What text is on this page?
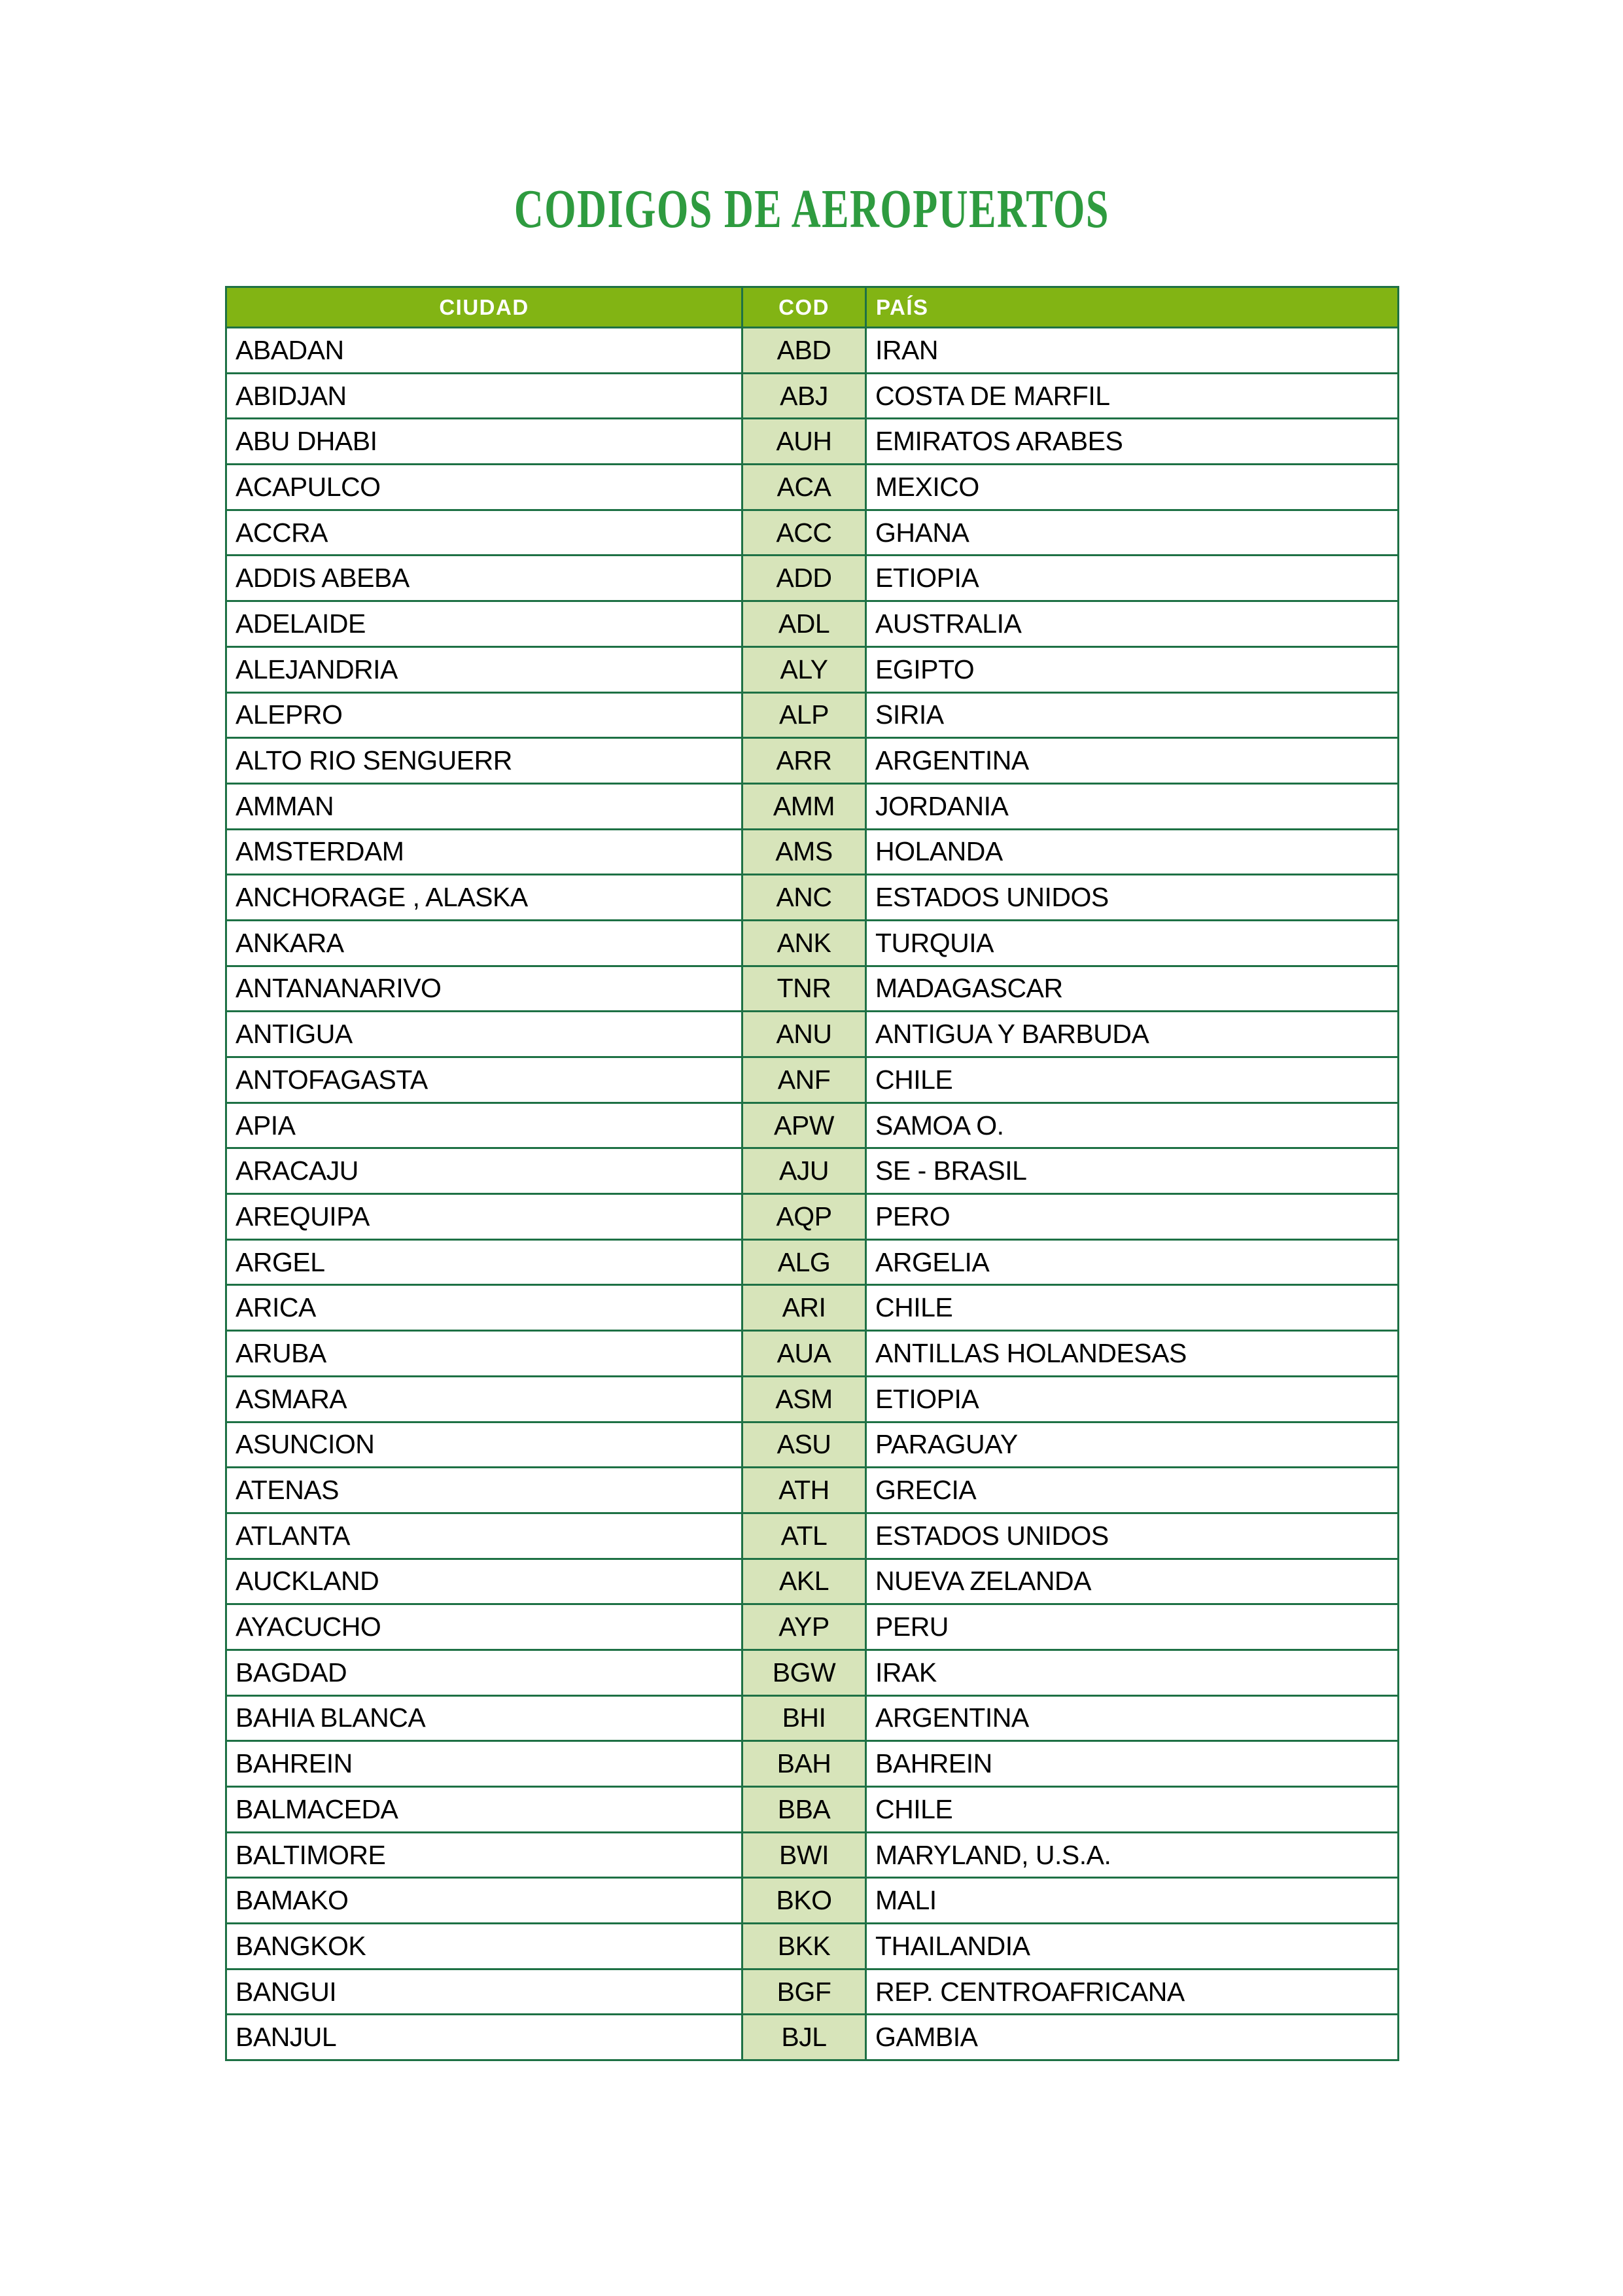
CODIGOS DE AEROPUERTOS
CIUDAD	COD	PAÍS
ABADAN	ABD	IRAN
ABIDJAN	ABJ	COSTA DE MARFIL
ABU DHABI	AUH	EMIRATOS ARABES
ACAPULCO	ACA	MEXICO
ACCRA	ACC	GHANA
ADDIS ABEBA	ADD	ETIOPIA
ADELAIDE	ADL	AUSTRALIA
ALEJANDRIA	ALY	EGIPTO
ALEPRO	ALP	SIRIA
ALTO RIO SENGUERR	ARR	ARGENTINA
AMMAN	AMM	JORDANIA
AMSTERDAM	AMS	HOLANDA
ANCHORAGE , ALASKA	ANC	ESTADOS UNIDOS
ANKARA	ANK	TURQUIA
ANTANANARIVO	TNR	MADAGASCAR
ANTIGUA	ANU	ANTIGUA Y BARBUDA
ANTOFAGASTA	ANF	CHILE
APIA	APW	SAMOA O.
ARACAJU	AJU	SE - BRASIL
AREQUIPA	AQP	PERO
ARGEL	ALG	ARGELIA
ARICA	ARI	CHILE
ARUBA	AUA	ANTILLAS HOLANDESAS
ASMARA	ASM	ETIOPIA
ASUNCION	ASU	PARAGUAY
ATENAS	ATH	GRECIA
ATLANTA	ATL	ESTADOS UNIDOS
AUCKLAND	AKL	NUEVA ZELANDA
AYACUCHO	AYP	PERU
BAGDAD	BGW	IRAK
BAHIA BLANCA	BHI	ARGENTINA
BAHREIN	BAH	BAHREIN
BALMACEDA	BBA	CHILE
BALTIMORE	BWI	MARYLAND, U.S.A.
BAMAKO	BKO	MALI
BANGKOK	BKK	THAILANDIA
BANGUI	BGF	REP. CENTROAFRICANA
BANJUL	BJL	GAMBIA
